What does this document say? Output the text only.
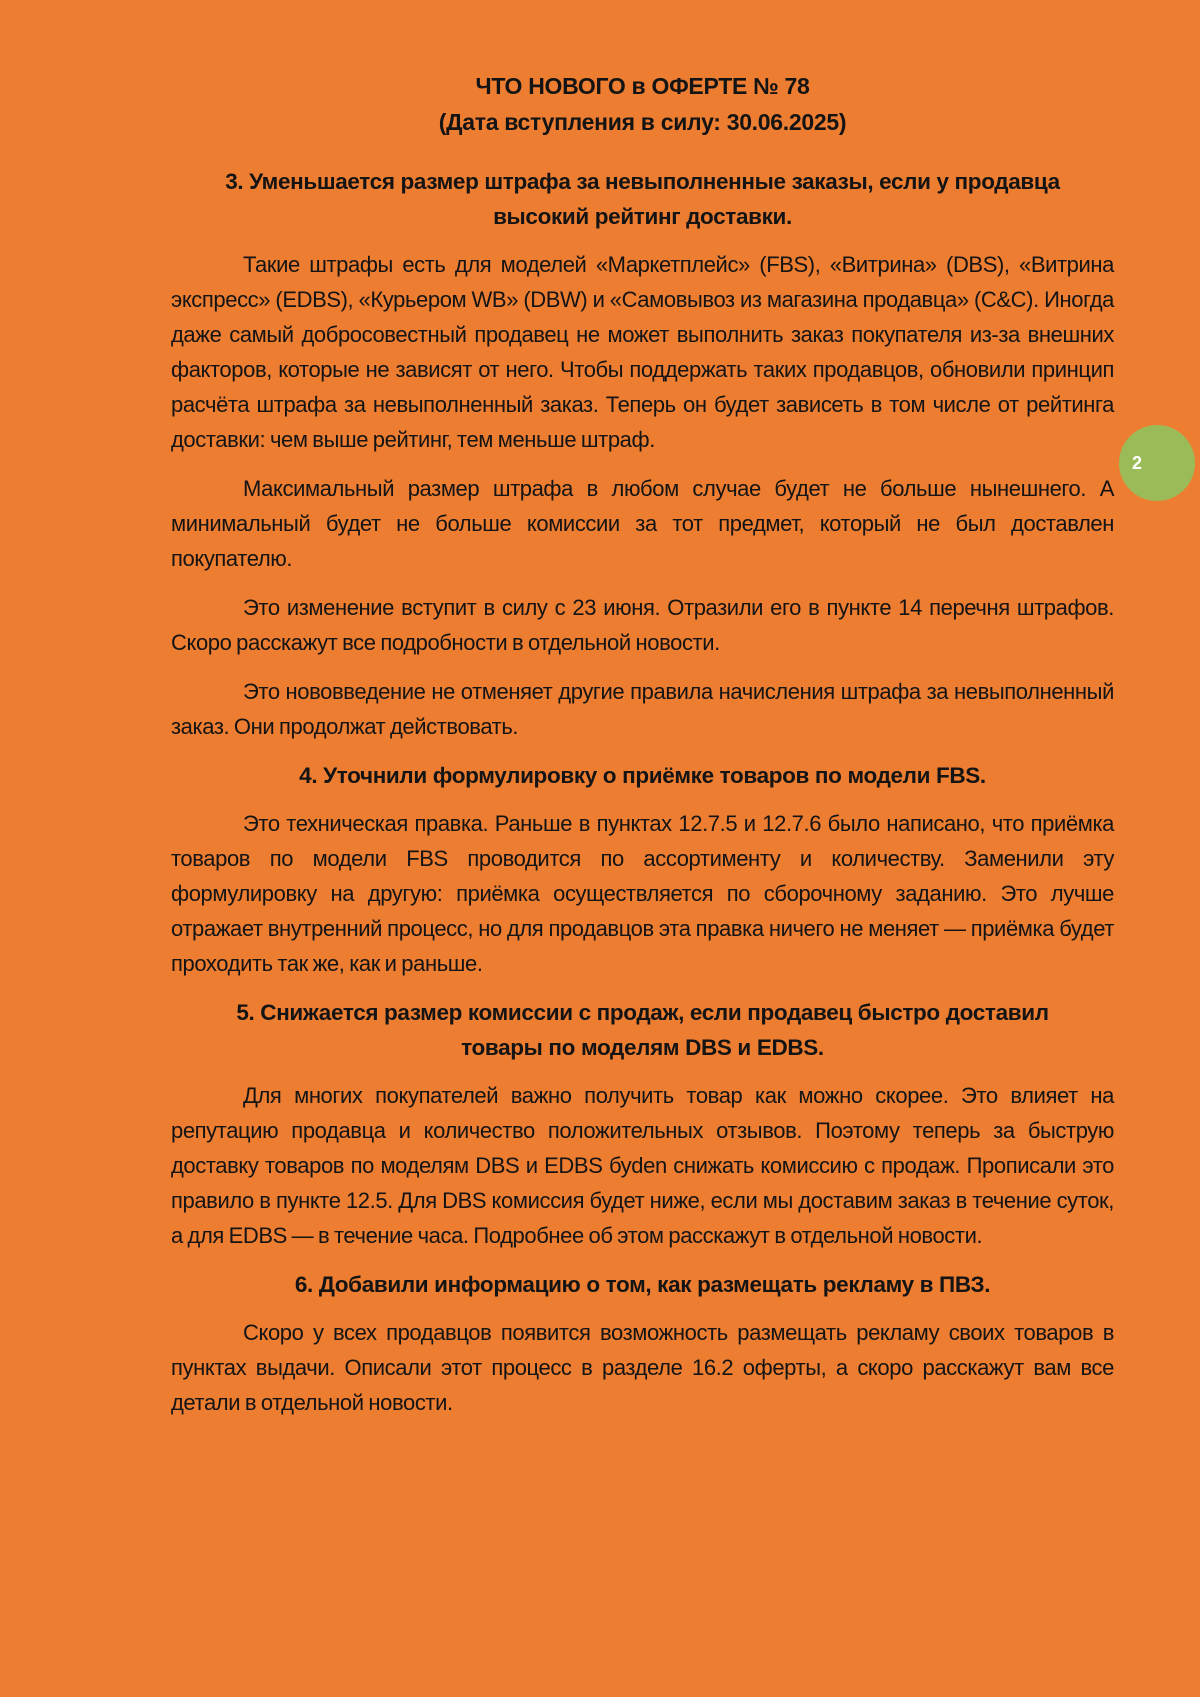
ЧТО НОВОГО в ОФЕРТЕ № 78

(Дата вступления в силу: 30.06.2025)

3. Уменьшается размер штрафа за невыполненные заказы, если у продавца высокий рейтинг доставки.

Такие штрафы есть для моделей «Маркетплейс» (FBS), «Витрина» (DBS), «Витрина экспресс» (EDBS), «Курьером WB» (DBW) и «Самовывоз из магазина продавца» (C&C). Иногда даже самый добросовестный продавец не может выполнить заказ покупателя из-за внешних факторов, которые не зависят от него. Чтобы поддержать таких продавцов, обновили принцип расчёта штрафа за невыполненный заказ. Теперь он будет зависеть в том числе от рейтинга доставки: чем выше рейтинг, тем меньше штраф.

Максимальный размер штрафа в любом случае будет не больше нынешнего. А минимальный будет не больше комиссии за тот предмет, который не был доставлен покупателю.

Это изменение вступит в силу с 23 июня. Отразили его в пункте 14 перечня штрафов. Скоро расскажут все подробности в отдельной новости.

Это нововведение не отменяет другие правила начисления штрафа за невыполненный заказ. Они продолжат действовать.

4. Уточнили формулировку о приёмке товаров по модели FBS.

Это техническая правка. Раньше в пунктах 12.7.5 и 12.7.6 было написано, что приёмка товаров по модели FBS проводится по ассортименту и количеству. Заменили эту формулировку на другую: приёмка осуществляется по сборочному заданию. Это лучше отражает внутренний процесс, но для продавцов эта правка ничего не меняет — приёмка будет проходить так же, как и раньше.

5. Снижается размер комиссии с продаж, если продавец быстро доставил товары по моделям DBS и EDBS.

Для многих покупателей важно получить товар как можно скорее. Это влияет на репутацию продавца и количество положительных отзывов. Поэтому теперь за быструю доставку товаров по моделям DBS и EDBS буdеn снижать комиссию с продаж. Прописали это правило в пункте 12.5. Для DBS комиссия будет ниже, если мы доставим заказ в течение суток, а для EDBS — в течение часа. Подробнее об этом расскажут в отдельной новости.

6. Добавили информацию о том, как размещать рекламу в ПВЗ.

Скоро у всех продавцов появится возможность размещать рекламу своих товаров в пунктах выдачи. Описали этот процесс в разделе 16.2 оферты, а скоро расскажут вам все детали в отдельной новости.

2
